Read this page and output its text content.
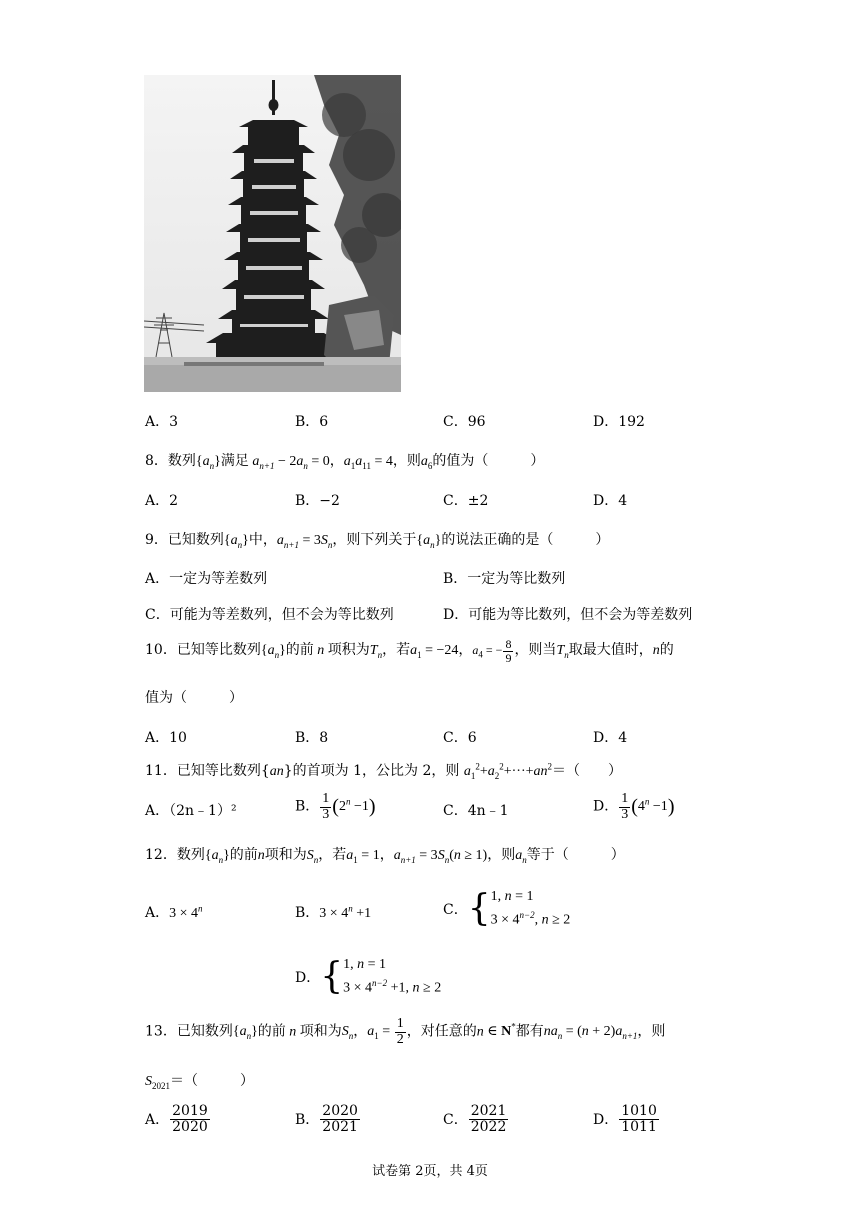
A．3	B．6	C．96	D．192
8．数列$\{a_n\}$满足 $a_{n+1} - 2a_n = 0$，$a_1a_{11} = 4$，则$a_6$的值为（　　　）
A．2	B．−2	C．±2	D．4
9．已知数列$\{a_n\}$中，$a_{n+1} = 3S_n$，则下列关于$\{a_n\}$的说法正确的是（　　　）
A．一定为等差数列	B．一定为等比数列
C．可能为等差数列，但不会为等比数列	D．可能为等比数列，但不会为等差数列
10．已知等比数列$\{a_n\}$的前 n 项积为$T_n$，若$a_1 = -24$，$a_4$ = − $\frac{8}{9}$ ，则当$T_n$取最大值时，n的
值为（　　　）
A．10	B．8	C．6	D．4
11．已知等比数列{an}的首项为 1，公比为 2，则 $a_1^2+a_2^2+\cdot\cdot\cdot+an^2=$（　　）
A．（2n﹣1）²	B． $\frac{1}{3} (2^n -1)$	C．4n﹣1	D． $\frac{1}{3} (4^n -1)$
12．数列$\{a_n\}$的前n项和为$S_n$，若$a_1 = 1$，$a_{n+1} = 3S_n(n \ge 1)$，则$a_n$等于（　　　）
A．$3 \times 4^n$	B．$3 \times 4^n +1$	C．{1, n = 1
$3 \times 4^{n-2}$, n ≥ 2
D．{1, n = 1
$3 \times 4^{n-2} +1$, n ≥ 2
13．已知数列$\{a_n\}$的前 n 项和为$S_n$，$a_1 = \frac{1}{2}$ ，对任意的n ∈ N*都有$na_n = (n + 2)a_{n+1}$，则
$S_{2021}=$（　　　）
A． $\frac{2019}{2020}$	B． $\frac{2020}{2021}$	C． $\frac{2021}{2022}$	D． $\frac{1010}{1011}$
试卷第 2页，共 4页
